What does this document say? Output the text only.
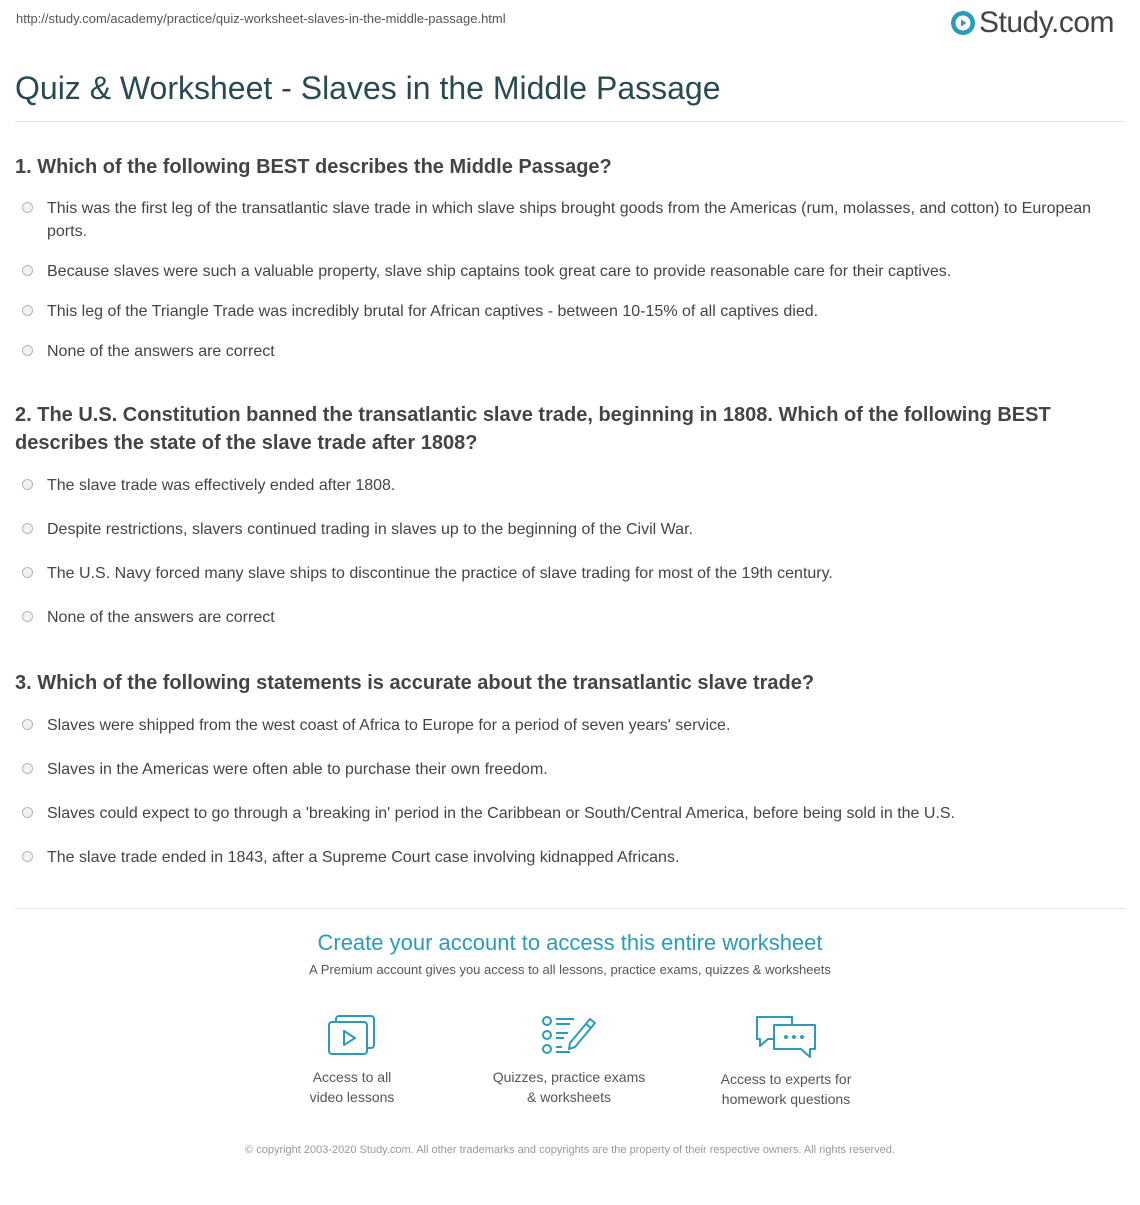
http://study.com/academy/practice/quiz-worksheet-slaves-in-the-middle-passage.html	Study.com
Quiz & Worksheet - Slaves in the Middle Passage
1. Which of the following BEST describes the Middle Passage?
This was the first leg of the transatlantic slave trade in which slave ships brought goods from the Americas (rum, molasses, and cotton) to European ports.
Because slaves were such a valuable property, slave ship captains took great care to provide reasonable care for their captives.
This leg of the Triangle Trade was incredibly brutal for African captives - between 10-15% of all captives died.
None of the answers are correct
2. The U.S. Constitution banned the transatlantic slave trade, beginning in 1808. Which of the following BEST describes the state of the slave trade after 1808?
The slave trade was effectively ended after 1808.
Despite restrictions, slavers continued trading in slaves up to the beginning of the Civil War.
The U.S. Navy forced many slave ships to discontinue the practice of slave trading for most of the 19th century.
None of the answers are correct
3. Which of the following statements is accurate about the transatlantic slave trade?
Slaves were shipped from the west coast of Africa to Europe for a period of seven years' service.
Slaves in the Americas were often able to purchase their own freedom.
Slaves could expect to go through a 'breaking in' period in the Caribbean or South/Central America, before being sold in the U.S.
The slave trade ended in 1843, after a Supreme Court case involving kidnapped Africans.
Create your account to access this entire worksheet
A Premium account gives you access to all lessons, practice exams, quizzes & worksheets
Access to all
video lessons
Quizzes, practice exams
& worksheets
Access to experts for
homework questions
© copyright 2003-2020 Study.com. All other trademarks and copyrights are the property of their respective owners. All rights reserved.
